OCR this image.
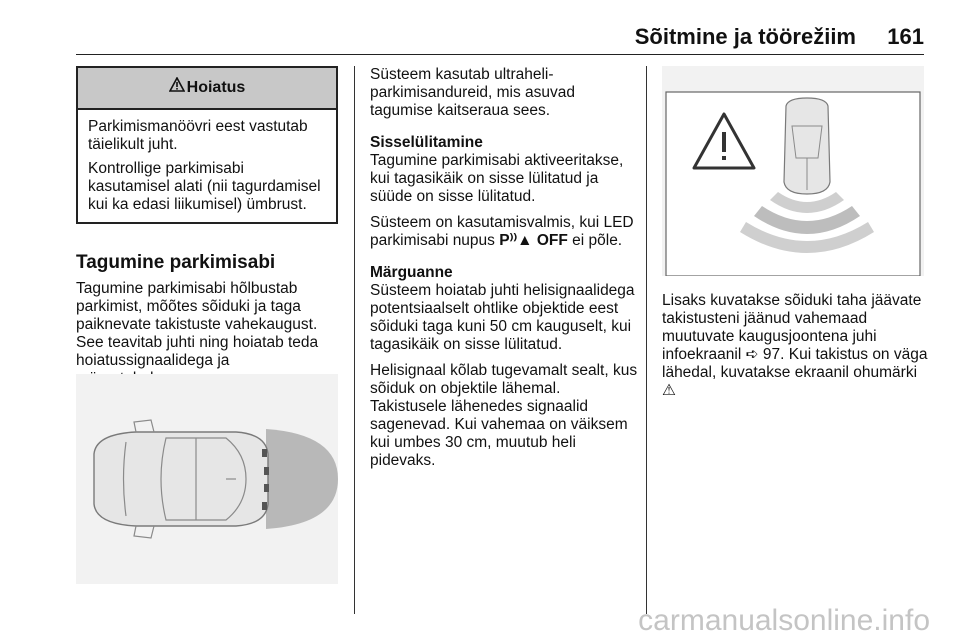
Sõitmine ja töörežiim 161
Hoiatus

Parkimismanöövri eest vastutab täielikult juht.

Kontrollige parkimisabi kasutamisel alati (nii tagurdamisel kui ka edasi liikumisel) ümbrust.

Tagumine parkimisabi

Tagumine parkimisabi hõlbustab parkimist, mõõtes sõiduki ja taga paiknevate takistuste vahekaugust. See teavitab juhti ning hoiatab teda hoiatussignaalidega ja

Süsteem kasutab ultraheli-parkimisandureid, mis asuvad tagumise kaitseraua sees.

Sisselülitamine
Tagumine parkimisabi aktiveeritakse, kui tagasikäik on sisse lülitatud ja süüde on sisse lülitatud.

Süsteem on kasutamisvalmis, kui LED parkimisabi nupus P⁾⁾▲ OFF ei põle.

Märguanne
Süsteem hoiatab juhti helisignaalidega potentsiaalselt ohtlike objektide eest sõiduki taga kuni 50 cm kauguselt, kui tagasikäik on sisse lülitatud.

Helisignaal kõlab tugevamalt sealt, kus sõiduk on objektile lähemal. Takistusele lähenedes signaalid sagenevad. Kui vahemaa on väiksem kui umbes 30 cm, muutub heli pidevaks.

Lisaks kuvatakse sõiduki taha jäävate takistusteni jäänud vahemaad muutuvate kaugusjoontena juhi infoekraanil ➪ 97. Kui takistus on väga lähedal, kuvatakse ekraanil ohumärki ⚠

carmanualsonline.info
